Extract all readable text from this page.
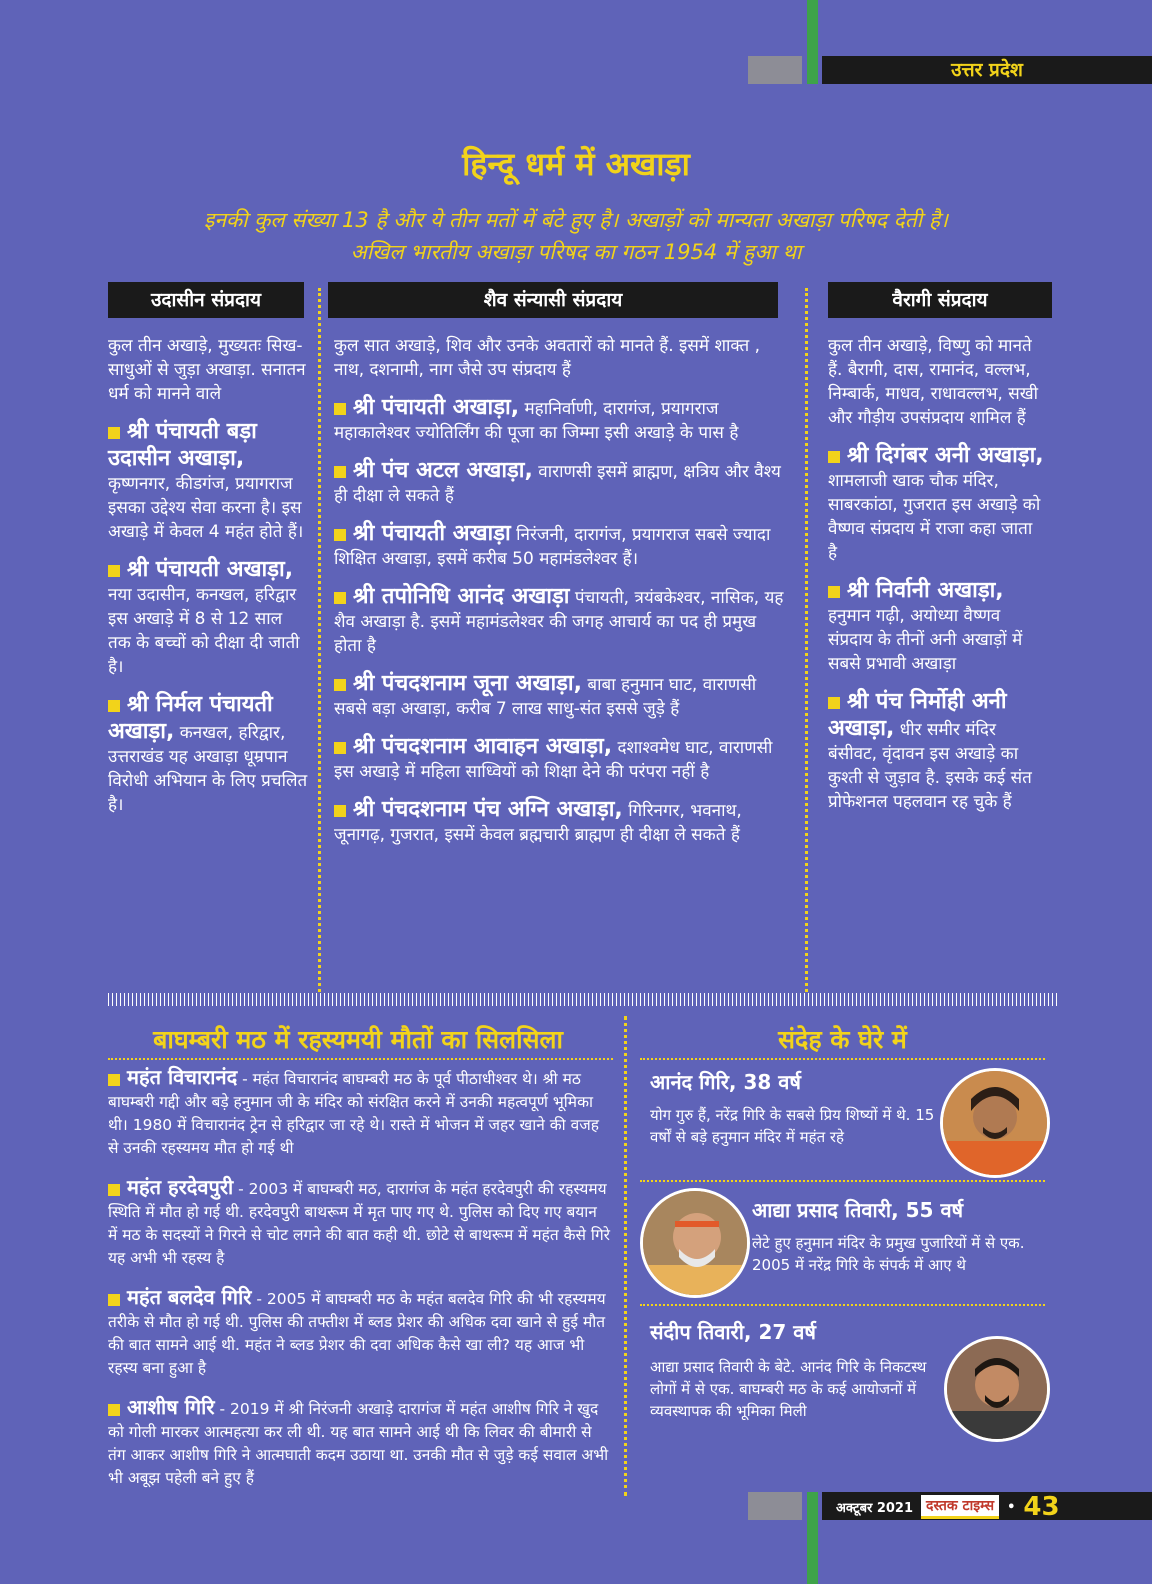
उत्तर प्रदेश
हिन्दू धर्म में अखाड़ा
इनकी कुल संख्या 13 है और ये तीन मतों में बंटे हुए है। अखाड़ों को मान्यता अखाड़ा परिषद देती है।
अखिल भारतीय अखाड़ा परिषद का गठन 1954 में हुआ था
उदासीन संप्रदाय	शैव संन्यासी संप्रदाय	वैरागी संप्रदाय

कुल तीन अखाड़े, मुख्यतः सिख-साधुओं से जुड़ा अखाड़ा. सनातन धर्म को मानने वाले

श्री पंचायती बड़ा उदासीन अखाड़ा, कृष्णनगर, कीडगंज, प्रयागराज इसका उद्देश्य सेवा करना है। इस अखाड़े में केवल 4 महंत होते हैं।

श्री पंचायती अखाड़ा, नया उदासीन, कनखल, हरिद्वार इस अखाड़े में 8 से 12 साल तक के बच्चों को दीक्षा दी जाती है।

श्री निर्मल पंचायती अखाड़ा, कनखल, हरिद्वार, उत्तराखंड यह अखाड़ा धूम्रपान विरोधी अभियान के लिए प्रचलित है।

कुल सात अखाड़े, शिव और उनके अवतारों को मानते हैं. इसमें शाक्त , नाथ, दशनामी, नाग जैसे उप संप्रदाय हैं

श्री पंचायती अखाड़ा, महानिर्वाणी, दारागंज, प्रयागराज महाकालेश्वर ज्योतिर्लिंग की पूजा का जिम्मा इसी अखाड़े के पास है

श्री पंच अटल अखाड़ा, वाराणसी इसमें ब्राह्मण, क्षत्रिय और वैश्य ही दीक्षा ले सकते हैं

श्री पंचायती अखाड़ा निरंजनी, दारागंज, प्रयागराज सबसे ज्यादा शिक्षित अखाड़ा, इसमें करीब 50 महामंडलेश्वर हैं।

श्री तपोनिधि आनंद अखाड़ा पंचायती, त्रयंबकेश्वर, नासिक, यह शैव अखाड़ा है. इसमें महामंडलेश्वर की जगह आचार्य का पद ही प्रमुख होता है

श्री पंचदशनाम जूना अखाड़ा, बाबा हनुमान घाट, वाराणसी सबसे बड़ा अखाड़ा, करीब 7 लाख साधु-संत इससे जुड़े हैं

श्री पंचदशनाम आवाहन अखाड़ा, दशाश्वमेध घाट, वाराणसी इस अखाड़े में महिला साध्वियों को शिक्षा देने की परंपरा नहीं है

श्री पंचदशनाम पंच अग्नि अखाड़ा, गिरिनगर, भवनाथ, जूनागढ़, गुजरात, इसमें केवल ब्रह्मचारी ब्राह्मण ही दीक्षा ले सकते हैं

कुल तीन अखाड़े, विष्णु को मानते हैं. बैरागी, दास, रामानंद, वल्लभ, निम्बार्क, माधव, राधावल्लभ, सखी और गौड़ीय उपसंप्रदाय शामिल हैं

श्री दिगंबर अनी अखाड़ा, शामलाजी खाक चौक मंदिर, साबरकांठा, गुजरात इस अखाड़े को वैष्णव संप्रदाय में राजा कहा जाता है

श्री निर्वानी अखाड़ा, हनुमान गढ़ी, अयोध्या वैष्णव संप्रदाय के तीनों अनी अखाड़ों में सबसे प्रभावी अखाड़ा

श्री पंच निर्मोही अनी अखाड़ा, धीर समीर मंदिर बंसीवट, वृंदावन इस अखाड़े का कुश्ती से जुड़ाव है. इसके कई संत प्रोफेशनल पहलवान रह चुके हैं

बाघम्बरी मठ में रहस्यमयी मौतों का सिलसिला

महंत विचारानंद - महंत विचारानंद बाघम्बरी मठ के पूर्व पीठाधीश्वर थे। श्री मठ बाघम्बरी गद्दी और बड़े हनुमान जी के मंदिर को संरक्षित करने में उनकी महत्वपूर्ण भूमिका थी। 1980 में विचारानंद ट्रेन से हरिद्वार जा रहे थे। रास्ते में भोजन में जहर खाने की वजह से उनकी रहस्यमय मौत हो गई थी

महंत हरदेवपुरी - 2003 में बाघम्बरी मठ, दारागंज के महंत हरदेवपुरी की रहस्यमय स्थिति में मौत हो गई थी. हरदेवपुरी बाथरूम में मृत पाए गए थे. पुलिस को दिए गए बयान में मठ के सदस्यों ने गिरने से चोट लगने की बात कही थी. छोटे से बाथरूम में महंत कैसे गिरे यह अभी भी रहस्य है

महंत बलदेव गिरि - 2005 में बाघम्बरी मठ के महंत बलदेव गिरि की भी रहस्यमय तरीके से मौत हो गई थी. पुलिस की तफ्तीश में ब्लड प्रेशर की अधिक दवा खाने से हुई मौत की बात सामने आई थी. महंत ने ब्लड प्रेशर की दवा अधिक कैसे खा ली? यह आज भी रहस्य बना हुआ है

आशीष गिरि - 2019 में श्री निरंजनी अखाड़े दारागंज में महंत आशीष गिरि ने खुद को गोली मारकर आत्महत्या कर ली थी. यह बात सामने आई थी कि लिवर की बीमारी से तंग आकर आशीष गिरि ने आत्मघाती कदम उठाया था. उनकी मौत से जुड़े कई सवाल अभी भी अबूझ पहेली बने हुए हैं

संदेह के घेरे में
आनंद गिरि, 38 वर्ष
योग गुरु हैं, नरेंद्र गिरि के सबसे प्रिय शिष्यों में थे. 15 वर्षों से बड़े हनुमान मंदिर में महंत रहे
आद्या प्रसाद तिवारी, 55 वर्ष
लेटे हुए हनुमान मंदिर के प्रमुख पुजारियों में से एक. 2005 में नरेंद्र गिरि के संपर्क में आए थे
संदीप तिवारी, 27 वर्ष
आद्या प्रसाद तिवारी के बेटे. आनंद गिरि के निकटस्थ लोगों में से एक. बाघम्बरी मठ के कई आयोजनों में व्यवस्थापक की भूमिका मिली
अक्टूबर 2021 दस्तक टाइम्स	• 43
